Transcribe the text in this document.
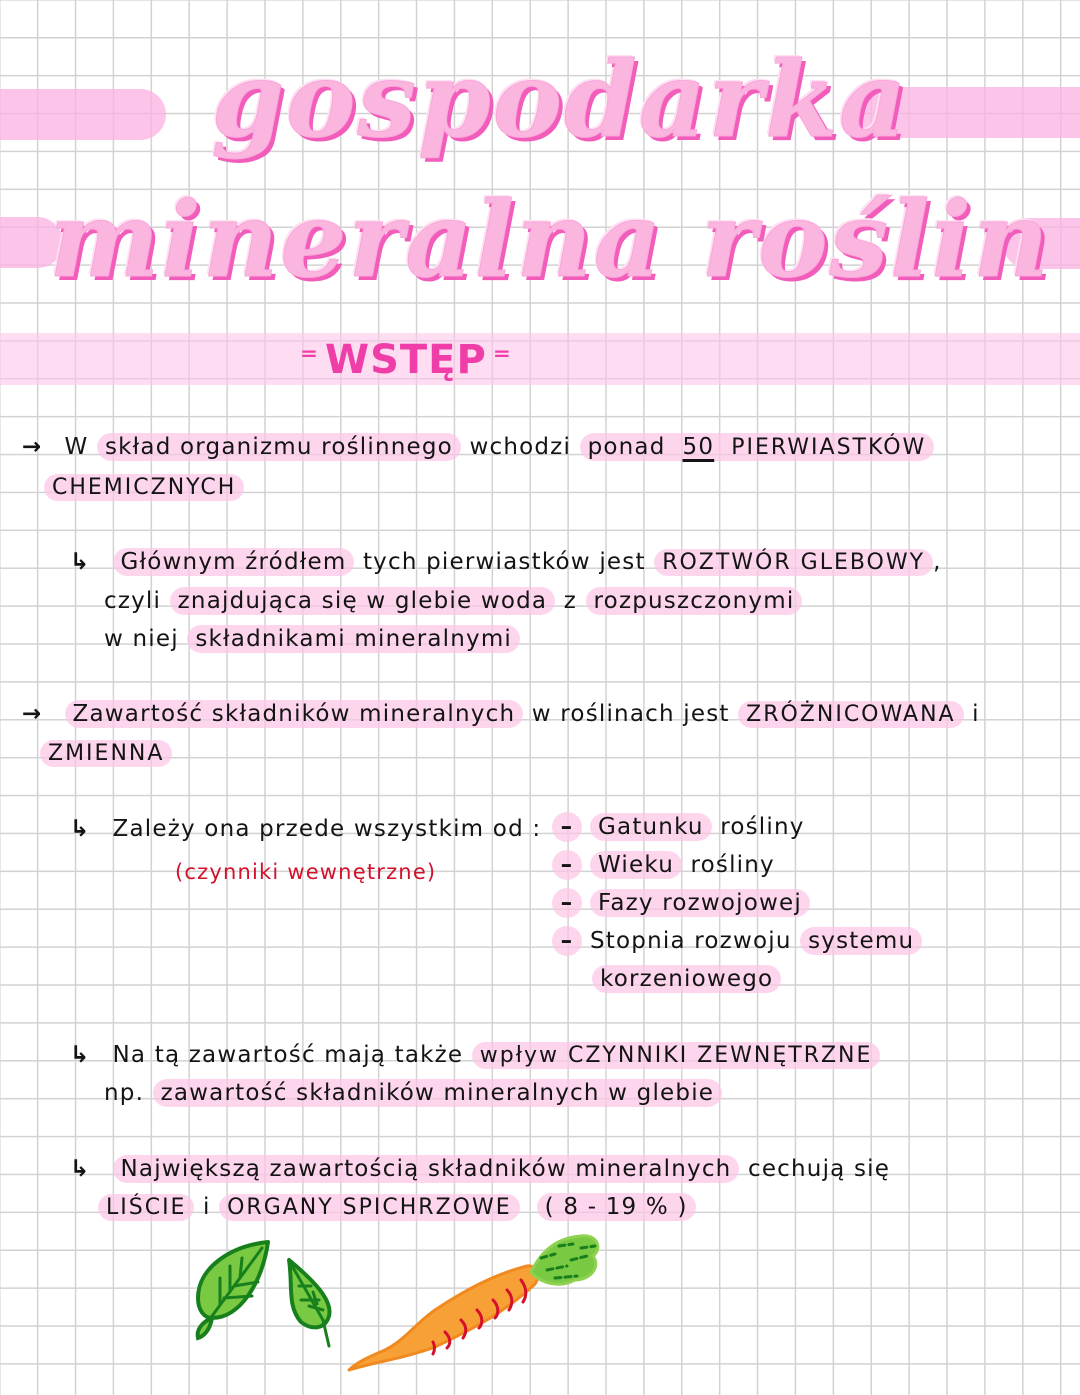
gospodarka
mineralna roślin
⁼ WSTĘP ⁼
→ W skład organizmu roślinnego wchodzi ponad 50 PIERWIASTKÓW
CHEMICZNYCH
↳ Głównym źródłem tych pierwiastków jest ROZTWÓR GLEBOWY ,
czyli znajdująca się w glebie woda z rozpuszczonymi
w niej składnikami mineralnymi
→ Zawartość składników mineralnych w roślinach jest ZRÓŻNICOWANA i
ZMIENNA
↳ Zależy ona przede wszystkim od :
(czynniki wewnętrzne)
– Gatunku rośliny
– Wieku rośliny
– Fazy rozwojowej
– Stopnia rozwoju systemu
korzeniowego
↳ Na tą zawartość mają także wpływ CZYNNIKI ZEWNĘTRZNE
np. zawartość składników mineralnych w glebie
↳ Największą zawartością składników mineralnych cechują się
LIŚCIE i ORGANY SPICHRZOWE ( 8 - 19 % )
